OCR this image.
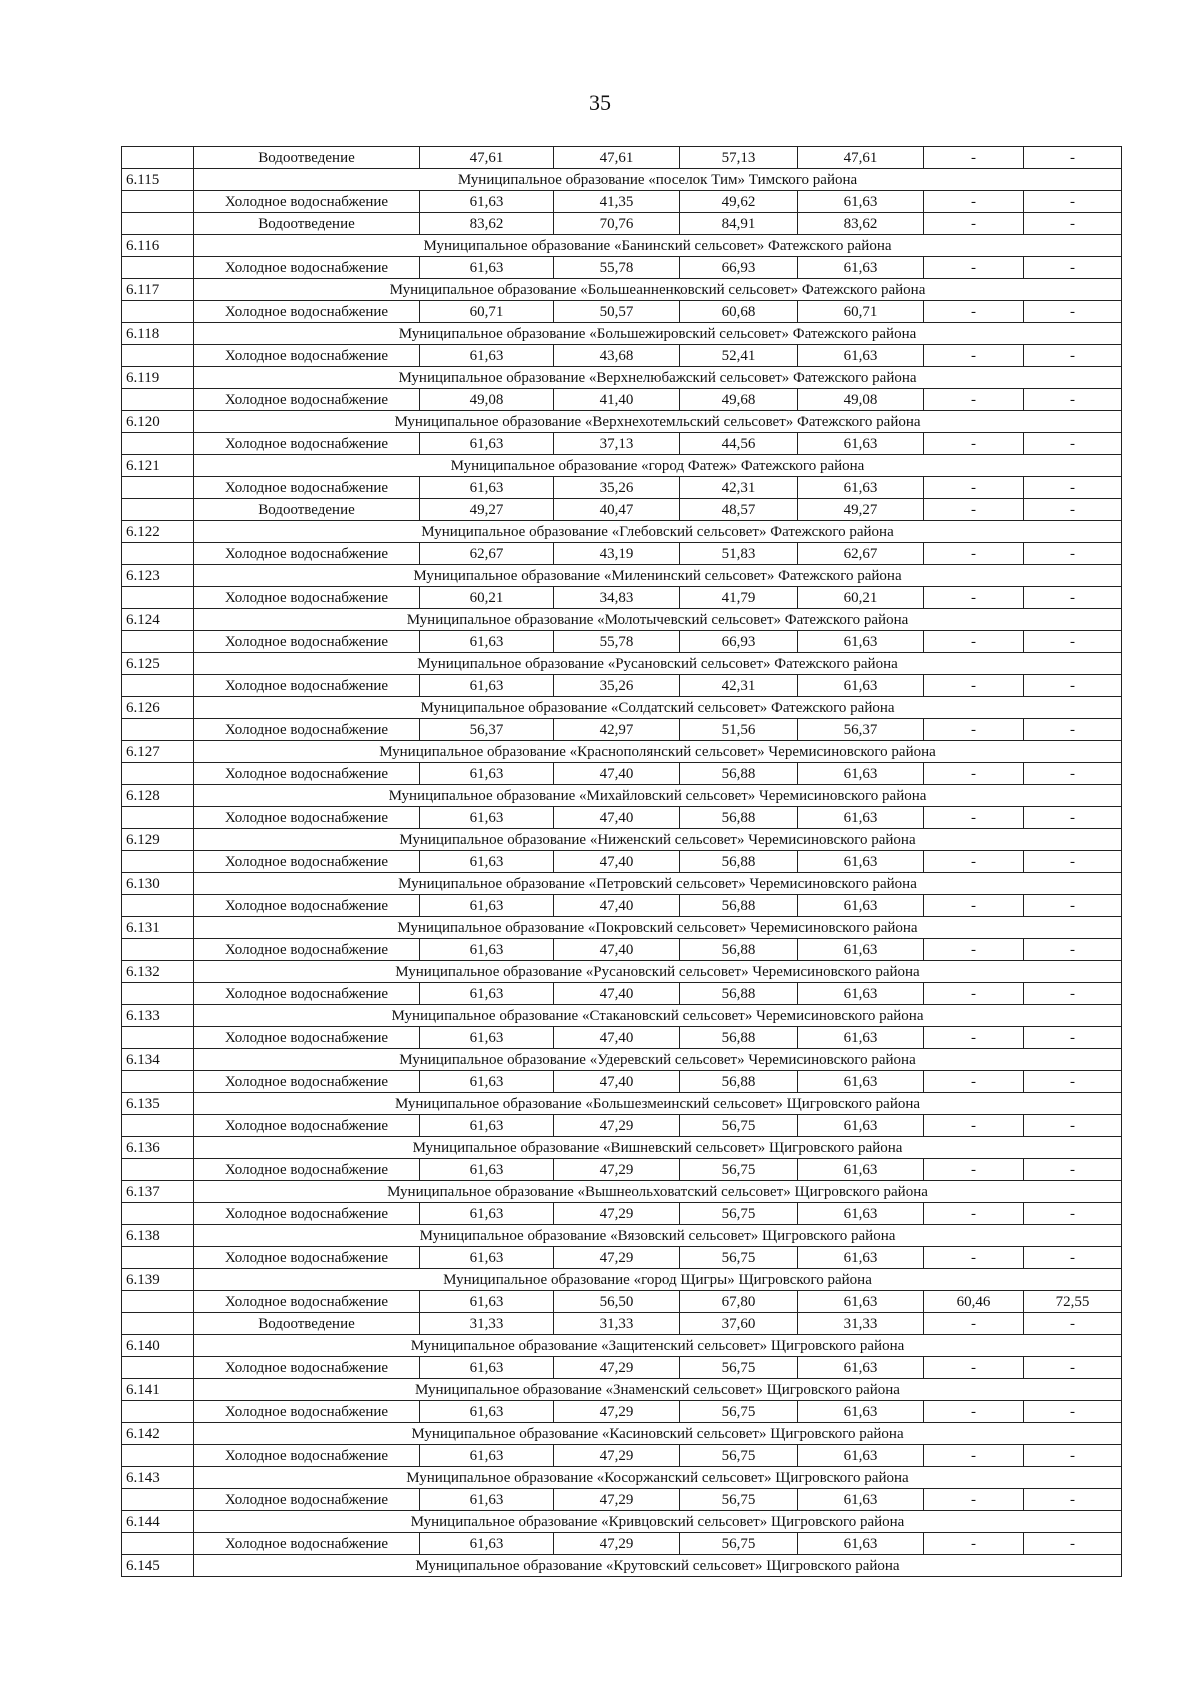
35
	Водоотведение	47,61	47,61	57,13	47,61	-	-
6.115	Муниципальное образование «поселок Тим» Тимского района						
	Холодное водоснабжение	61,63	41,35	49,62	61,63	-	-
	Водоотведение	83,62	70,76	84,91	83,62	-	-
6.116	Муниципальное образование «Банинский сельсовет» Фатежского района						
	Холодное водоснабжение	61,63	55,78	66,93	61,63	-	-
6.117	Муниципальное образование «Большеанненковский сельсовет» Фатежского района						
	Холодное водоснабжение	60,71	50,57	60,68	60,71	-	-
6.118	Муниципальное образование «Большежировский сельсовет» Фатежского района						
	Холодное водоснабжение	61,63	43,68	52,41	61,63	-	-
6.119	Муниципальное образование «Верхнелюбажский сельсовет» Фатежского района						
	Холодное водоснабжение	49,08	41,40	49,68	49,08	-	-
6.120	Муниципальное образование «Верхнехотемльский сельсовет» Фатежского района						
	Холодное водоснабжение	61,63	37,13	44,56	61,63	-	-
6.121	Муниципальное образование «город Фатеж» Фатежского района						
	Холодное водоснабжение	61,63	35,26	42,31	61,63	-	-
	Водоотведение	49,27	40,47	48,57	49,27	-	-
6.122	Муниципальное образование «Глебовский сельсовет» Фатежского района						
	Холодное водоснабжение	62,67	43,19	51,83	62,67	-	-
6.123	Муниципальное образование «Миленинский сельсовет» Фатежского района						
	Холодное водоснабжение	60,21	34,83	41,79	60,21	-	-
6.124	Муниципальное образование «Молотычевский сельсовет» Фатежского района						
	Холодное водоснабжение	61,63	55,78	66,93	61,63	-	-
6.125	Муниципальное образование «Русановский сельсовет» Фатежского района						
	Холодное водоснабжение	61,63	35,26	42,31	61,63	-	-
6.126	Муниципальное образование «Солдатский сельсовет» Фатежского района						
	Холодное водоснабжение	56,37	42,97	51,56	56,37	-	-
6.127	Муниципальное образование «Краснополянский сельсовет» Черемисиновского района						
	Холодное водоснабжение	61,63	47,40	56,88	61,63	-	-
6.128	Муниципальное образование «Михайловский сельсовет» Черемисиновского района						
	Холодное водоснабжение	61,63	47,40	56,88	61,63	-	-
6.129	Муниципальное образование «Ниженский сельсовет» Черемисиновского района						
	Холодное водоснабжение	61,63	47,40	56,88	61,63	-	-
6.130	Муниципальное образование «Петровский сельсовет» Черемисиновского района						
	Холодное водоснабжение	61,63	47,40	56,88	61,63	-	-
6.131	Муниципальное образование «Покровский сельсовет» Черемисиновского района						
	Холодное водоснабжение	61,63	47,40	56,88	61,63	-	-
6.132	Муниципальное образование «Русановский сельсовет» Черемисиновского района						
	Холодное водоснабжение	61,63	47,40	56,88	61,63	-	-
6.133	Муниципальное образование «Стакановский сельсовет» Черемисиновского района						
	Холодное водоснабжение	61,63	47,40	56,88	61,63	-	-
6.134	Муниципальное образование «Удеревский сельсовет» Черемисиновского района						
	Холодное водоснабжение	61,63	47,40	56,88	61,63	-	-
6.135	Муниципальное образование «Большезмеинский сельсовет» Щигровского района						
	Холодное водоснабжение	61,63	47,29	56,75	61,63	-	-
6.136	Муниципальное образование «Вишневский сельсовет» Щигровского района						
	Холодное водоснабжение	61,63	47,29	56,75	61,63	-	-
6.137	Муниципальное образование «Вышнеольховатский сельсовет» Щигровского района						
	Холодное водоснабжение	61,63	47,29	56,75	61,63	-	-
6.138	Муниципальное образование «Вязовский сельсовет» Щигровского района						
	Холодное водоснабжение	61,63	47,29	56,75	61,63	-	-
6.139	Муниципальное образование «город Щигры» Щигровского района						
	Холодное водоснабжение	61,63	56,50	67,80	61,63	60,46	72,55
	Водоотведение	31,33	31,33	37,60	31,33	-	-
6.140	Муниципальное образование «Защитенский сельсовет» Щигровского района						
	Холодное водоснабжение	61,63	47,29	56,75	61,63	-	-
6.141	Муниципальное образование «Знаменский сельсовет» Щигровского района						
	Холодное водоснабжение	61,63	47,29	56,75	61,63	-	-
6.142	Муниципальное образование «Касиновский сельсовет» Щигровского района						
	Холодное водоснабжение	61,63	47,29	56,75	61,63	-	-
6.143	Муниципальное образование «Косоржанский сельсовет» Щигровского района						
	Холодное водоснабжение	61,63	47,29	56,75	61,63	-	-
6.144	Муниципальное образование «Кривцовский сельсовет» Щигровского района						
	Холодное водоснабжение	61,63	47,29	56,75	61,63	-	-
6.145	Муниципальное образование «Крутовский сельсовет» Щигровского района						
